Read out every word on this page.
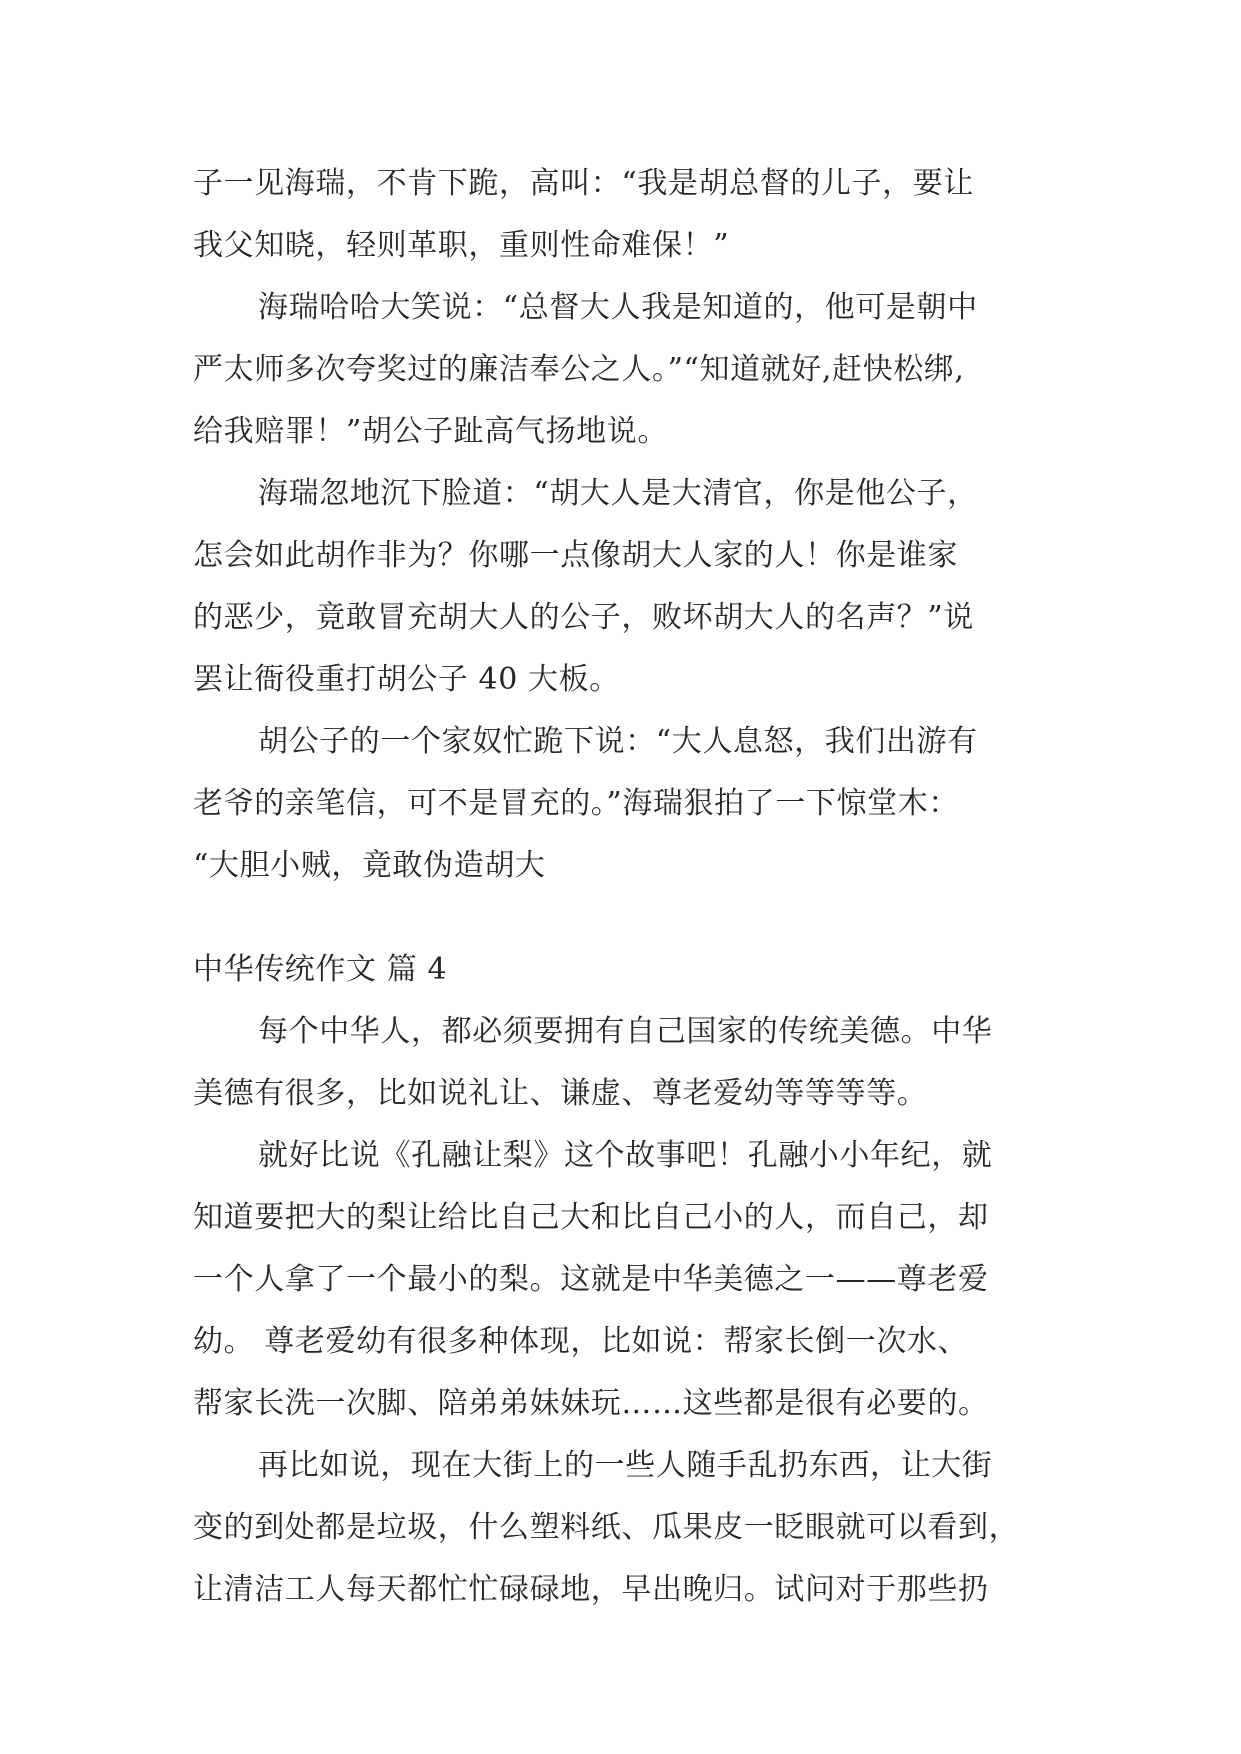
子一见海瑞，不肯下跪，高叫：“我是胡总督的儿子，要让
我父知晓，轻则革职，重则性命难保！”
海瑞哈哈大笑说：“总督大人我是知道的，他可是朝中
严太师多次夸奖过的廉洁奉公之人。”“知道就好,赶快松绑,
给我赔罪！”胡公子趾高气扬地说。
海瑞忽地沉下脸道：“胡大人是大清官，你是他公子，
怎会如此胡作非为？你哪一点像胡大人家的人！你是谁家
的恶少，竟敢冒充胡大人的公子，败坏胡大人的名声？”说
罢让衙役重打胡公子 40 大板。
胡公子的一个家奴忙跪下说：“大人息怒，我们出游有
老爷的亲笔信，可不是冒充的。”海瑞狠拍了一下惊堂木：
“大胆小贼，竟敢伪造胡大
中华传统作文 篇 4
每个中华人，都必须要拥有自己国家的传统美德。中华
美德有很多，比如说礼让、谦虚、尊老爱幼等等等等。
就好比说《孔融让梨》这个故事吧！孔融小小年纪，就
知道要把大的梨让给比自己大和比自己小的人，而自己，却
一个人拿了一个最小的梨。这就是中华美德之一——尊老爱
幼。 尊老爱幼有很多种体现，比如说：帮家长倒一次水、
帮家长洗一次脚、陪弟弟妹妹玩……这些都是很有必要的。
再比如说，现在大街上的一些人随手乱扔东西，让大街
变的到处都是垃圾，什么塑料纸、瓜果皮一眨眼就可以看到，
让清洁工人每天都忙忙碌碌地，早出晚归。试问对于那些扔
